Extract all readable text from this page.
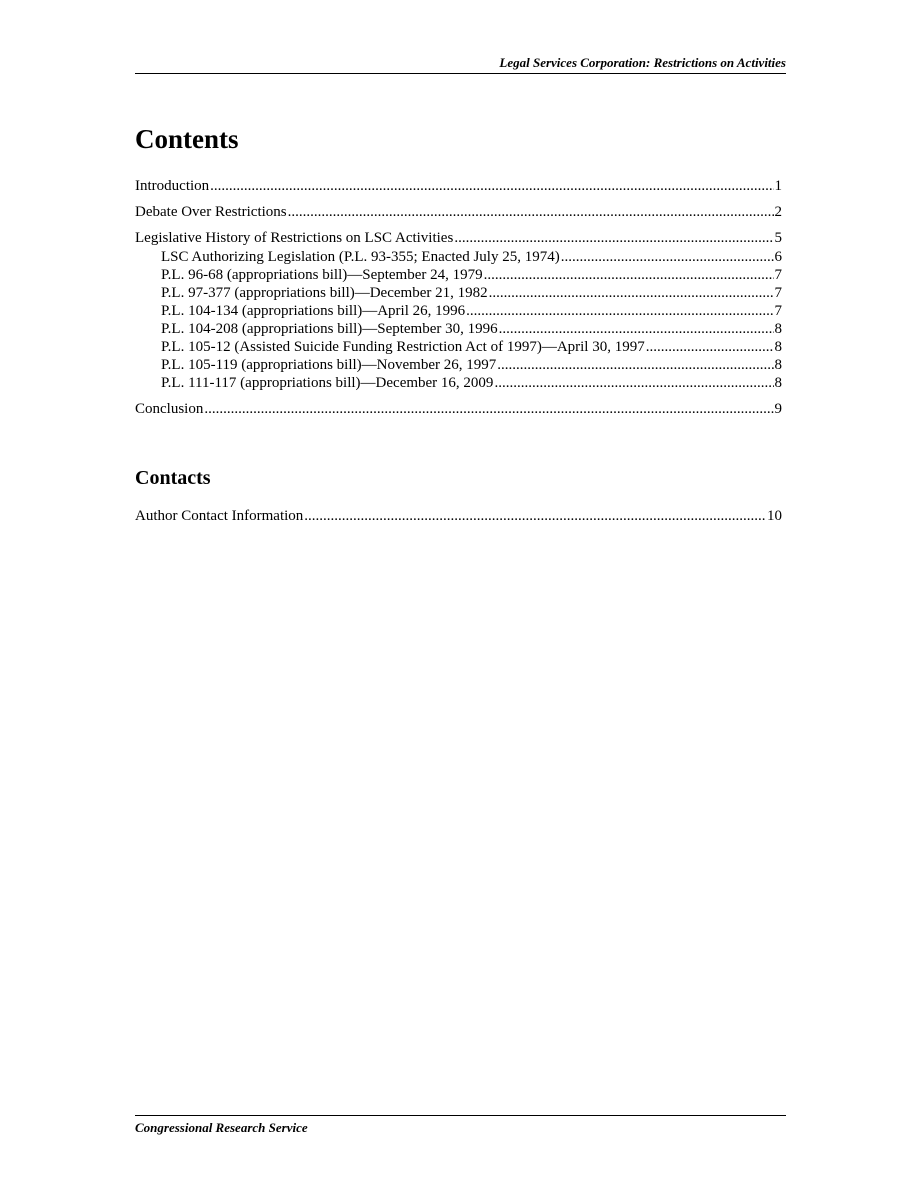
Legal Services Corporation: Restrictions on Activities
Contents
Introduction .....	1
Debate Over Restrictions .....	2
Legislative History of Restrictions on LSC Activities .....	5
LSC Authorizing Legislation (P.L. 93-355; Enacted July 25, 1974) .....	6
P.L. 96-68 (appropriations bill)—September 24, 1979 .....	7
P.L. 97-377 (appropriations bill)—December 21, 1982 .....	7
P.L. 104-134 (appropriations bill)—April 26, 1996 .....	7
P.L. 104-208 (appropriations bill)—September 30, 1996 .....	8
P.L. 105-12 (Assisted Suicide Funding Restriction Act of 1997)—April 30, 1997 .....	8
P.L. 105-119 (appropriations bill)—November 26, 1997 .....	8
P.L. 111-117 (appropriations bill)—December 16, 2009 .....	8
Conclusion .....	9
Contacts
Author Contact Information .....	10
Congressional Research Service
